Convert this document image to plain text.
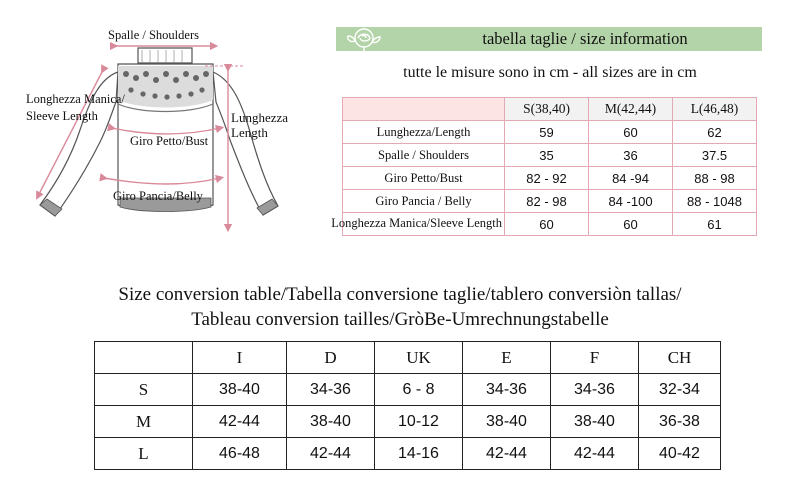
Spalle / Shoulders
Longhezza Manica/
Sleeve Length	Lunghezza
Length
Giro Petto/Bust
Giro Pancia/Belly
tabella taglie / size information
tutte le misure sono in cm - all sizes are in cm
	S(38,40)	M(42,44)	L(46,48)
Lunghezza/Length	59	60	62
Spalle / Shoulders	35	36	37.5
Giro Petto/Bust	82 - 92	84 -94	88 - 98
Giro Pancia / Belly	82 - 98	84 -100	88 - 1048

Longhezza Manica/Sleeve Length	60	60	61
Size conversion table/Tabella conversione taglie/tablero conversiòn tallas/
Tableau conversion tailles/GròBe-Umrechnungstabelle
	I	D	UK	E	F	CH
S	38-40	34-36	6 - 8	34-36	34-36	32-34
M	42-44	38-40	10-12	38-40	38-40	36-38
L	46-48	42-44	14-16	42-44	42-44	40-42
